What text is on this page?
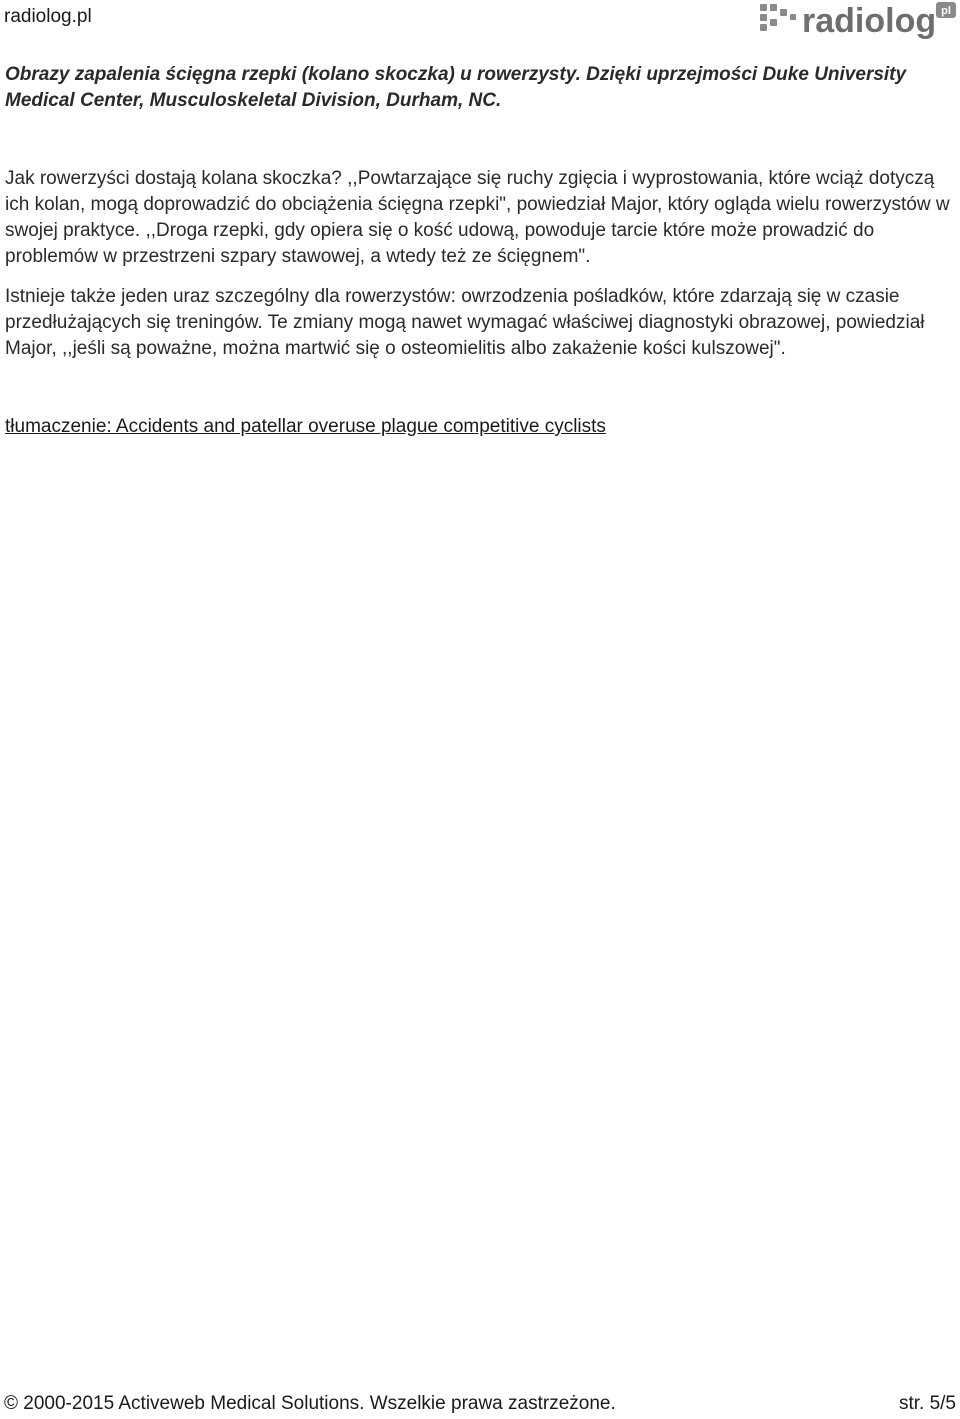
radiolog.pl	radiolog pl

Obrazy zapalenia ścięgna rzepki (kolano skoczka) u rowerzysty. Dzięki uprzejmości Duke University Medical Center, Musculoskeletal Division, Durham, NC.

Jak rowerzyści dostają kolana skoczka? ,,Powtarzające się ruchy zgięcia i wyprostowania, które wciąż dotyczą ich kolan, mogą doprowadzić do obciążenia ścięgna rzepki", powiedział Major, który ogląda wielu rowerzystów w swojej praktyce. ,,Droga rzepki, gdy opiera się o kość udową, powoduje tarcie które może prowadzić do problemów w przestrzeni szpary stawowej, a wtedy też ze ścięgnem".

Istnieje także jeden uraz szczególny dla rowerzystów: owrzodzenia pośladków, które zdarzają się w czasie przedłużających się treningów. Te zmiany mogą nawet wymagać właściwej diagnostyki obrazowej, powiedział Major, ,,jeśli są poważne, można martwić się o osteomielitis albo zakażenie kości kulszowej".

tłumaczenie: Accidents and patellar overuse plague competitive cyclists
© 2000-2015 Activeweb Medical Solutions. Wszelkie prawa zastrzeżone.	str. 5/5
